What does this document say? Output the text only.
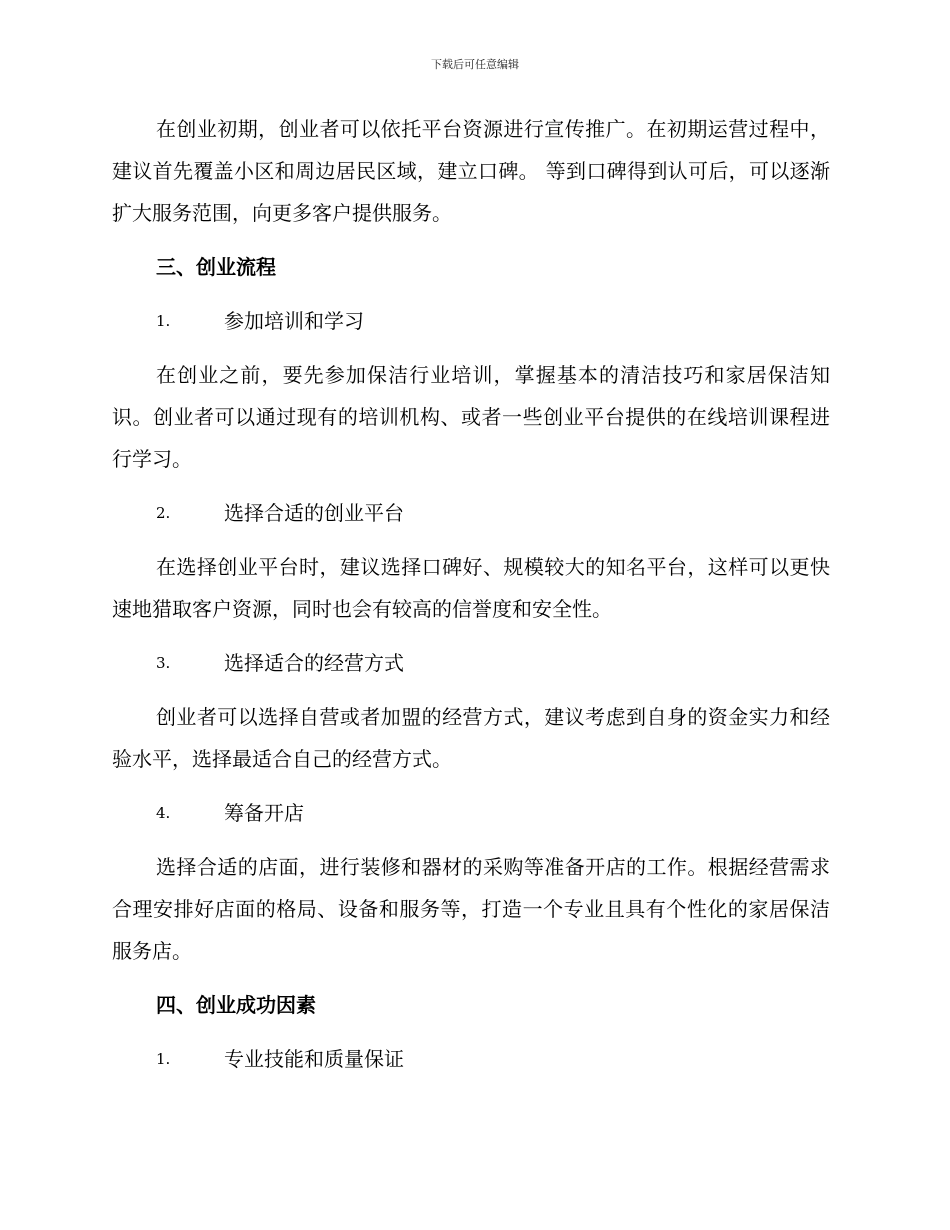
下载后可任意编辑

在创业初期，创业者可以依托平台资源进行宣传推广。在初期运营过程中，建议首先覆盖小区和周边居民区域，建立口碑。 等到口碑得到认可后，可以逐渐扩大服务范围，向更多客户提供服务。

三、创业流程

1.	参加培训和学习

在创业之前，要先参加保洁行业培训，掌握基本的清洁技巧和家居保洁知识。创业者可以通过现有的培训机构、或者一些创业平台提供的在线培训课程进行学习。

2.	选择合适的创业平台

在选择创业平台时，建议选择口碑好、规模较大的知名平台，这样可以更快速地猎取客户资源，同时也会有较高的信誉度和安全性。

3.	选择适合的经营方式

创业者可以选择自营或者加盟的经营方式，建议考虑到自身的资金实力和经验水平，选择最适合自己的经营方式。

4.	筹备开店

选择合适的店面，进行装修和器材的采购等准备开店的工作。根据经营需求合理安排好店面的格局、设备和服务等，打造一个专业且具有个性化的家居保洁服务店。

四、创业成功因素

1.	专业技能和质量保证
